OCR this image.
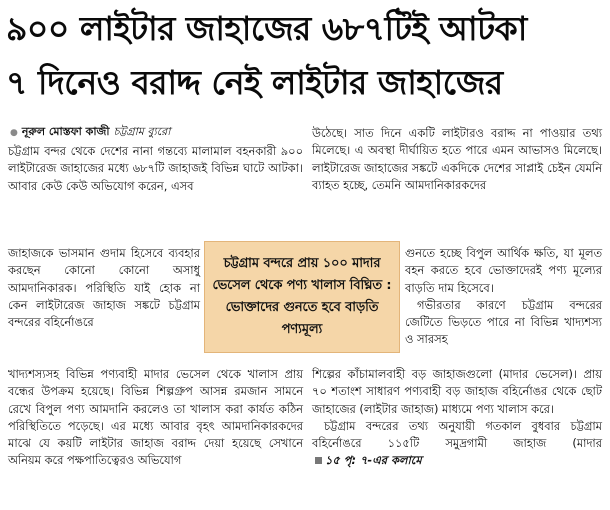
৯০০ লাইটার জাহাজের ৬৮৭টিই আটকা
৭ দিনেও বরাদ্দ নেই লাইটার জাহাজের
● নূরুল মোস্তফা কাজী চট্টগ্রাম ব্যুরো

চট্টগ্রাম বন্দর থেকে দেশের নানা গন্তব্যে মালামাল বহনকারী ৯০০ লাইটারেজ জাহাজের মধ্যে ৬৮৭টি জাহাজই বিভিন্ন ঘাটে আটকা। আবার কেউ কেউ অভিযোগ করেন, এসব

জাহাজকে ভাসমান গুদাম হিসেবে ব্যবহার করছেন কোনো কোনো অসাধু আমদানিকারক। পরিস্থিতি যাই হোক না কেন লাইটারেজ জাহাজ সঙ্কটে চট্টগ্রাম বন্দরের বহির্নোঙরে

খাদ্যশস্যসহ বিভিন্ন পণ্যবাহী মাদার ভেসেল থেকে খালাস প্রায় বন্ধের উপক্রম হয়েছে। বিভিন্ন শিল্পগ্রুপ আসন্ন রমজান সামনে রেখে বিপুল পণ্য আমদানি করলেও তা খালাস করা কার্যত কঠিন পরিস্থিতিতে পড়েছে। এর মধ্যে আবার বৃহৎ আমদানিকারকদের মাঝে যে কয়টি লাইটার জাহাজ বরাদ্দ দেয়া হয়েছে সেখানে অনিয়ম করে পক্ষপাতিত্বেরও অভিযোগ

উঠেছে। সাত দিনে একটি লাইটারও বরাদ্দ না পাওয়ার তথ্য মিলেছে। এ অবস্থা দীর্ঘায়িত হতে পারে এমন আভাসও মিলেছে। লাইটারেজ জাহাজের সঙ্কটে একদিকে দেশের সাপ্লাই চেইন যেমনি ব্যাহত হচ্ছে, তেমনি আমদানিকারকদের

গুনতে হচ্ছে বিপুল আর্থিক ক্ষতি, যা মূলত বহন করতে হবে ভোক্তাদেরই পণ্য মূল্যের বাড়তি দাম হিসেবে।

গভীরতার কারণে চট্টগ্রাম বন্দরের জেটিতে ভিড়তে পারে না বিভিন্ন খাদ্যশস্য ও সারসহ

শিল্পের কাঁচামালবাহী বড় জাহাজগুলো (মাদার ভেসেল)। প্রায় ৭০ শতাংশ সাধারণ পণ্যবাহী বড় জাহাজ বহির্নোঙর থেকে ছোট জাহাজের (লাইটার জাহাজ) মাধ্যমে পণ্য খালাস করে।

চট্টগ্রাম বন্দরের তথ্য অনুযায়ী গতকাল বুধবার চট্টগ্রাম বহির্নোঙরে ১১৫টি সমুদ্রগামী জাহাজ (মাদার১৫ পৃ: ৭-এর কলামে

চট্টগ্রাম বন্দরে প্রায় ১০০ মাদার ভেসেল থেকে পণ্য খালাস বিঘ্নিত : ভোক্তাদের গুনতে হবে বাড়তি পণ্যমূল্য
